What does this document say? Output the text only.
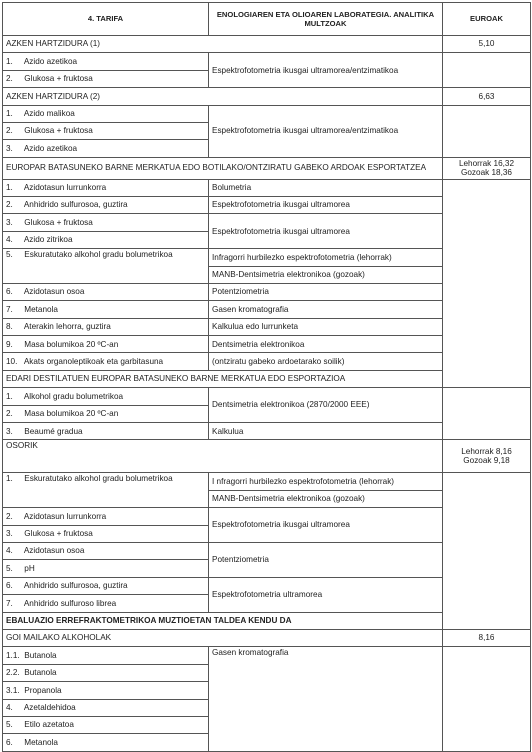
4. TARIFA	ENOLOGIAREN ETA OLIOAREN LABORATEGIA. ANALITIKA MULTZOAK	EUROAK	
AZKEN HARTZIDURA (1)		5,10	
1. Azido azetikoa	Espektrofotometria ikusgai ultramorea/entzimatikoa		
2. Glukosa + fruktosa			
AZKEN HARTZIDURA (2)		6,63	
1. Azido malikoa	Espektrofotometria ikusgai ultramorea/entzimatikoa		
2. Glukosa + fruktosa			
3. Azido azetikoa			
EUROPAR BATASUNEKO BARNE MERKATUA EDO BOTILAKO/ONTZIRATU GABEKO ARDOAK ESPORTATZEA		Lehorrak 16,32
Gozoak 18,36	
1. Azidotasun lurrunkorra	Bolumetria		
2. Anhidrido sulfurosoa, guztira	Espektrofotometria ikusgai ultramorea		
3. Glukosa + fruktosa	Espektrofotometria ikusgai ultramorea		
4. Azido zitrikoa			
5. Eskuratutako alkohol gradu bolumetrikoa	Infragorri hurbilezko espektrofotometria (lehorrak)		
	MANB-Dentsimetria elektronikoa (gozoak)		
6. Azidotasun osoa	Potentziometria		
7. Metanola	Gasen kromatografia		
8. Aterakin lehorra, guztira	Kalkulua edo lurrunketa		
9. Masa bolumikoa 20 ºC-an	Dentsimetria elektronikoa		
10. Akats organoleptikoak eta garbitasuna	(ontziratu gabeko ardoetarako soilik)		
EDARI DESTILATUEN EUROPAR BATASUNEKO BARNE MERKATUA EDO ESPORTAZIOA	
1. Alkohol gradu bolumetrikoa	Dentsimetria elektronikoa (2870/2000 EEE)		
2. Masa bolumikoa 20 ºC-an			
3. Beaumé gradua	Kalkulua		
OSORIK		Lehorrak 8,16
Gozoak 9,18	
1. Eskuratutako alkohol gradu bolumetrikoa	I nfragorri hurbilezko espektrofotometria (lehorrak)		
	MANB-Dentsimetria elektronikoa (gozoak)		
2. Azidotasun lurrunkorra	Espektrofotometria ikusgai ultramorea		
3. Glukosa + fruktosa			
4. Azidotasun osoa	Potentziometria		
5. pH			
6. Anhidrido sulfurosoa, guztira	Espektrofotometria ultramorea		
7. Anhidrido sulfuroso librea			
EBALUAZIO ERREFRAKTOMETRIKOA MUZTIOETAN TALDEA KENDU DA			
GOI MAILAKO ALKOHOLAK		8,16	
1.1. Butanola	Gasen kromatografia		
2.2. Butanola			
3.1. Propanola			
4. Azetaldehidoa			
5. Etilo azetatoa			
6. Metanola			
